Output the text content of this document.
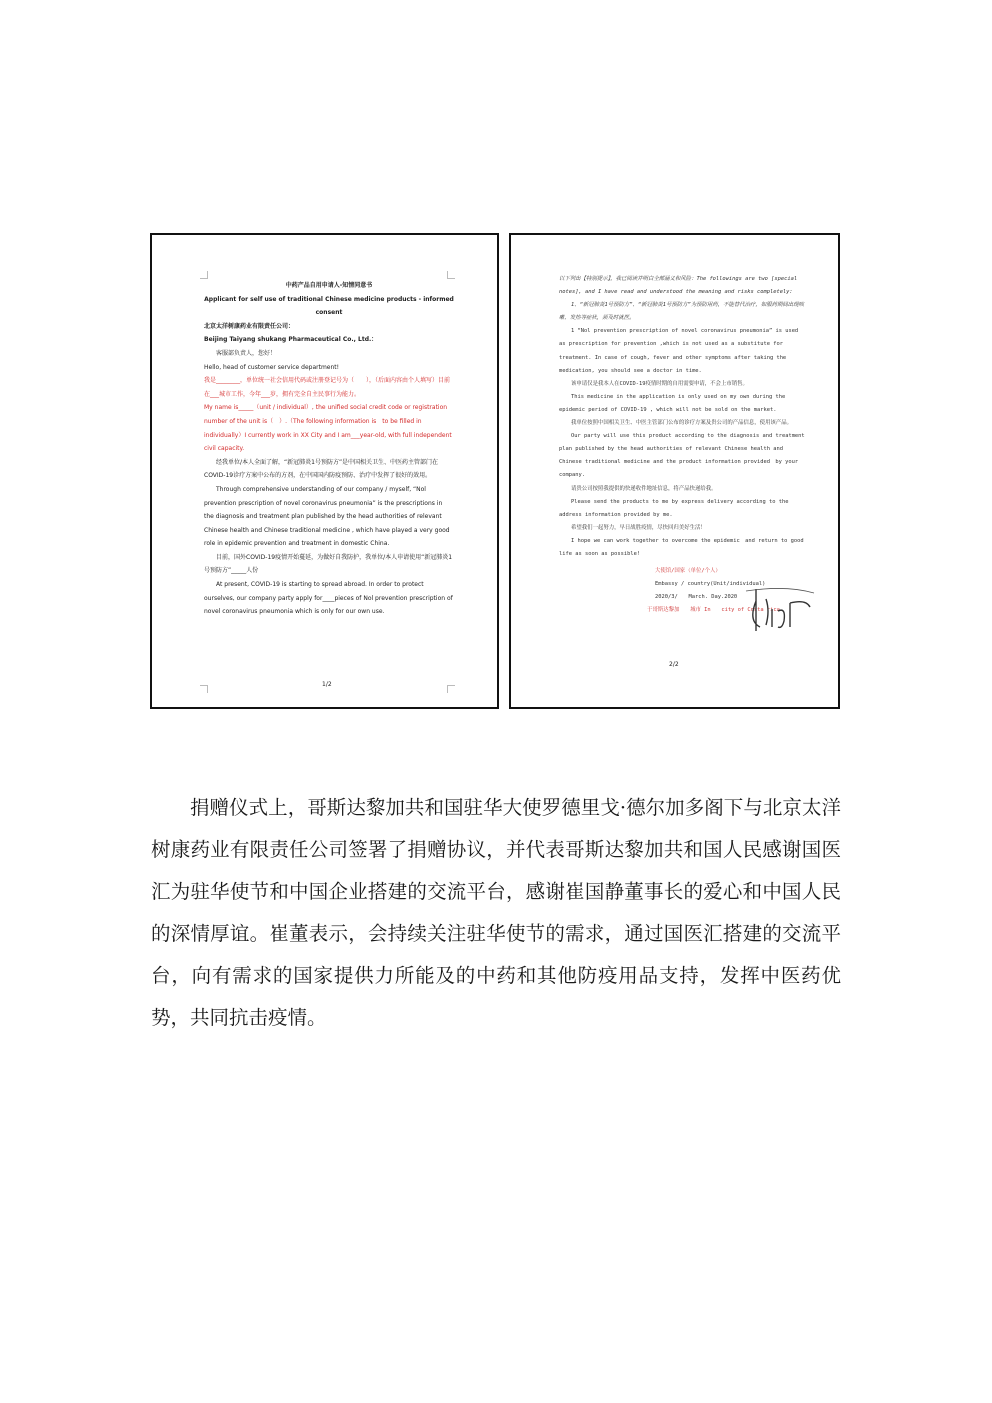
中药产品自用申请人-知情同意书

Applicant for self use of traditional Chinese medicine products - informed consent

北京太洋树康药业有限责任公司：

Beijing Taiyang shukang Pharmaceutical Co., Ltd.：

客服部负责人，您好！

Hello, head of customer service department!

我是________，单位统一社会信用代码或注册登记号为（　　），（后面内容由个人填写）目前在___城市工作，今年___岁，拥有完全自主民事行为能力。

My name is_____（unit / individual）, the unified social credit code or registration number of the unit is（　）.（The following information is　to be filled in individually）I currently work in XX City and I am___year-old, with full independent civil capacity.

经我单位/本人全面了解，“新冠肺炎1号预防方”是中国相关卫生、中医药主管部门在COVID-19诊疗方案中公布的方剂，在中国国内防疫预防、治疗中发挥了很好的效用。

Through comprehensive understanding of our company / myself, “Nol prevention prescription of novel coronavirus pneumonia” is the prescriptions in the diagnosis and treatment plan published by the head authorities of relevant Chinese health and Chinese traditional medicine , which have played a very good role in epidemic prevention and treatment in domestic China.

目前，国外COVID-19疫情开始蔓延，为做好自我防护，我单位/本人申请使用“新冠肺炎1号预防方”_____人份

At present, COVID-19 is starting to spread abroad. In order to protect ourselves, our company party apply for____pieces of Nol prevention prescription of novel coronavirus pneumonia which is only for our own use.

1/2

以下列出【特别提示】，我已阅读并明白全部涵义和风险：The followings are two [special notes], and I have read and understood the meaning and risks completely:

1、“新冠肺炎1号预防方”、“新冠肺炎1号预防方”为预防用药，不能替代治疗，如服药期间出现咳嗽、发热等症状，须及时就医。

1 “Nol prevention prescription of novel coronavirus pneumonia” is used as prescription for prevention ,which is not used as a substitute for treatment. In case of cough, fever and other symptoms after taking the medication, you should see a doctor in time.

该申请仅是我本人在COVID-19疫情时期的自用需要申请，不会上市销售。

This medicine in the application is only used on my own during the epidemic period of COVID-19 , which will not be sold on the market.

我单位按照中国相关卫生、中医主管部门公布的诊疗方案及贵公司的产品信息，使用该产品。

Our party will use this product according to the diagnosis and treatment plan published by the head authorities of relevant Chinese health and Chinese traditional medicine and the product information provided　by your company.

请贵公司按照我提供的快递收件地址信息，将产品快递给我。

Please send the products to me by express delivery according to the address information provided by me.

希望我们一起努力，早日战胜疫情，尽快回归美好生活！

I hope we can work together to overcome the epidemic　and return to good life as soon as possible!

大使馆/国家（单位/个人）

Embassy / country(Unit/individual)

2020/3/　　March. Day.2020

于哥斯达黎加　　城市 In　　city of Costa rica

2/2

捐赠仪式上，哥斯达黎加共和国驻华大使罗德里戈·德尔加多阁下与北京太洋树康药业有限责任公司签署了捐赠协议，并代表哥斯达黎加共和国人民感谢国医汇为驻华使节和中国企业搭建的交流平台，感谢崔国静董事长的爱心和中国人民的深情厚谊。崔董表示，会持续关注驻华使节的需求，通过国医汇搭建的交流平台，向有需求的国家提供力所能及的中药和其他防疫用品支持，发挥中医药优势，共同抗击疫情。
